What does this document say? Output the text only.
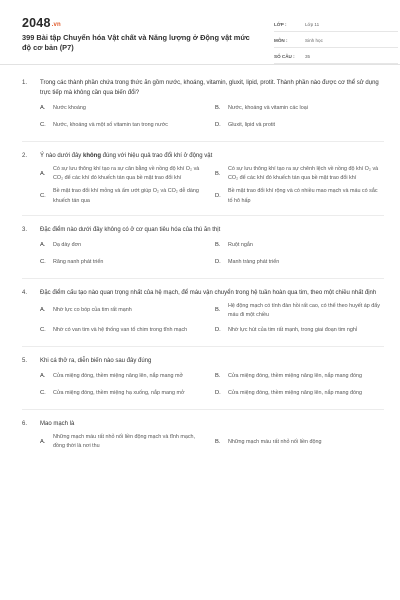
2048.vn
399 Bài tập Chuyển hóa Vật chất và Năng lượng ở Động vật mức độ cơ bản (P7)
LỚP :	Lớp 11
MÔN :	Sinh học
SỐ CÂU :	35
1.	Trong các thành phần chứa trong thức ăn gồm nước, khoáng, vitamin, gluxit, lipid, protit. Thành phần nào được cơ thể sử dụng trực tiếp mà không cần qua biến đổi?
A.	Nước khoáng	B.	Nước, khoáng và vitamin các loại
C.	Nước, khoáng và một số vitamin tan trong nước	D.	Gluxit, lipid và protit
2.	Ý nào dưới đây không đúng với hiệu quả trao đổi khí ở động vật
A.
Có sự lưu thông khí tạo ra sự cân bằng về nồng độ khí O₂ và CO₂ để các khí đó khuếch tán qua bề mặt trao đổi khí
B.
Có sự lưu thông khí tạo ra sự chênh lệch về nồng độ khí O₂ và CO₂ để các khí đó khuếch tán qua bề mặt trao đổi khí
C.
Bề mặt trao đổi khí mỏng và ẩm ướt giúp O₂ và CO₂ dễ dàng khuếch tán qua
D.
Bề mặt trao đổi khí rộng và có nhiều mao mạch và máu có sắc tố hô hấp
3.	Đặc điểm nào dưới đây không có ở cơ quan tiêu hóa của thú ăn thịt
A.	Dạ dày đơn	B.	Ruột ngắn
C.	Răng nanh phát triển	D.	Manh tràng phát triển
4.	Đặc điểm cấu tạo nào quan trọng nhất của hệ mạch, để máu vận chuyển trong hệ tuần hoàn qua tim, theo một chiều nhất định
A.	Nhờ lực co bóp của tim rất mạnh	B.
Hệ động mạch có tính đàn hồi rất cao, có thể theo huyết áp đẩy máu đi một chiều
C.	Nhờ có van tim và hệ thống van tổ chim trong tĩnh mạch	D.	Nhờ lực hút của tim rất mạnh, trong giai đoạn tim nghỉ
5.	Khi cá thở ra, diễn biến nào sau đây đúng
A.	Cửa miệng đóng, thềm miệng nâng lên, nắp mang mở	B.	Cửa miệng đóng, thềm miệng nâng lên, nắp mang đóng
C.	Cửa miệng đóng, thềm miệng hạ xuống, nắp mang mở	D.	Cửa miệng đóng, thềm miệng nâng lên, nắp mang đóng
6.	Mao mạch là
A.
Những mạch máu rất nhỏ nối liền động mạch và tĩnh mạch, đồng thời là nơi thu
B.	Những mạch máu rất nhỏ nối liền động
